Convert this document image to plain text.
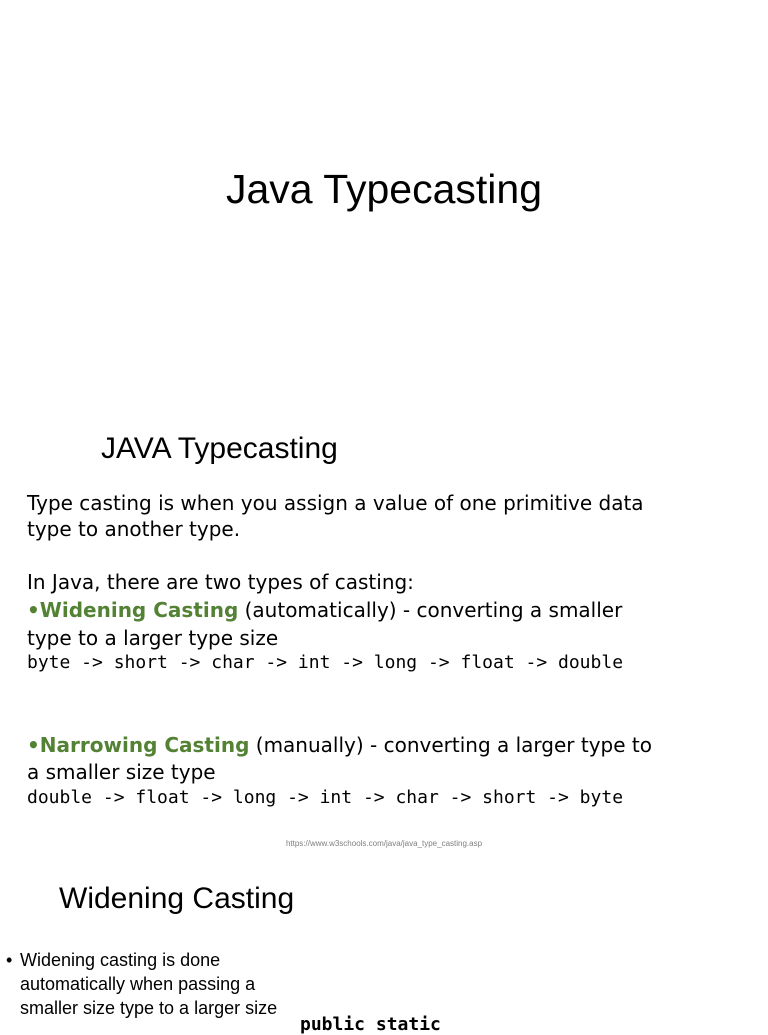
Java Typecasting
JAVA Typecasting
Type casting is when you assign a value of one primitive data
type to another type.
In Java, there are two types of casting:
•Widening Casting (automatically) - converting a smaller
type to a larger type size
byte -> short -> char -> int -> long -> float -> double
•Narrowing Casting (manually) - converting a larger type to
a smaller size type
double -> float -> long -> int -> char -> short -> byte
https://www.w3schools.com/java/java_type_casting.asp
Widening Casting
• Widening casting is done
automatically when passing a
smaller size type to a larger size
public static
